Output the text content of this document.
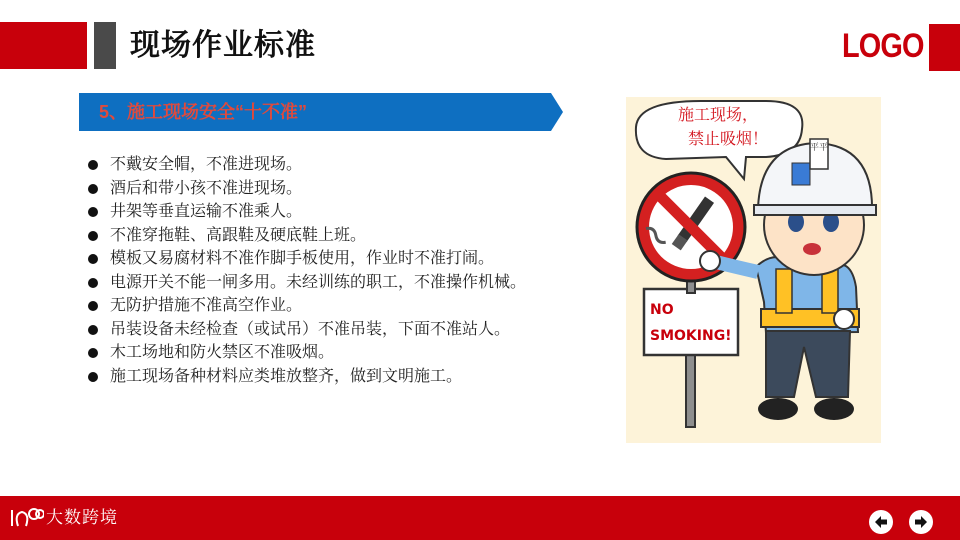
现场作业标准	LOGO
5、施工现场安全“十不准”
不戴安全帽，不准进现场。
酒后和带小孩不准进现场。
井架等垂直运输不准乘人。
不准穿拖鞋、高跟鞋及硬底鞋上班。
模板又易腐材料不准作脚手板使用，作业时不准打闹。
电源开关不能一闸多用。未经训练的职工，不准操作机械。
无防护措施不准高空作业。
吊装设备未经检查（或试吊）不准吊装，下面不准站人。
木工场地和防火禁区不准吸烟。
施工现场备种材料应类堆放整齐，做到文明施工。
平平
施工现场，
禁止吸烟！
NO
SMOKING!
大数跨境
